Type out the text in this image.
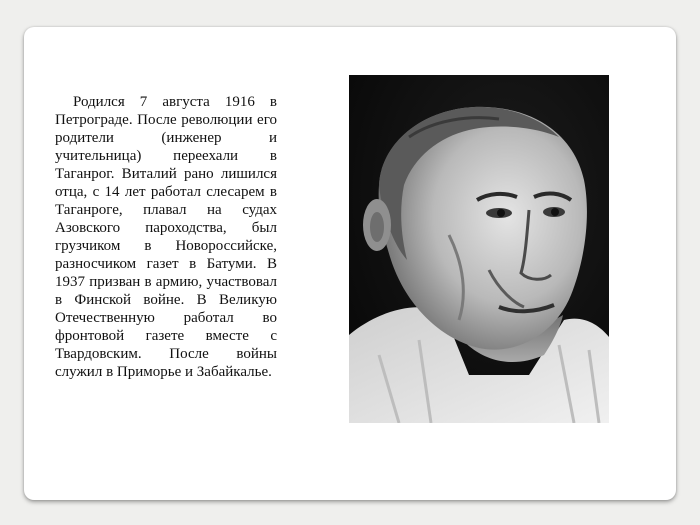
Родился 7 августа 1916 в Петрограде. После революции его родители (инженер и учительница) переехали в Таганрог. Виталий рано лишился отца, с 14 лет работал слесарем в Таганроге, плавал на судах Азовского пароходства, был грузчиком в Новороссийске, разносчиком газет в Батуми. В 1937 призван в армию, участвовал в Финской войне. В Великую Отечественную работал во фронтовой газете вместе с Твардовским. После войны служил в Приморье и Забайкалье.
